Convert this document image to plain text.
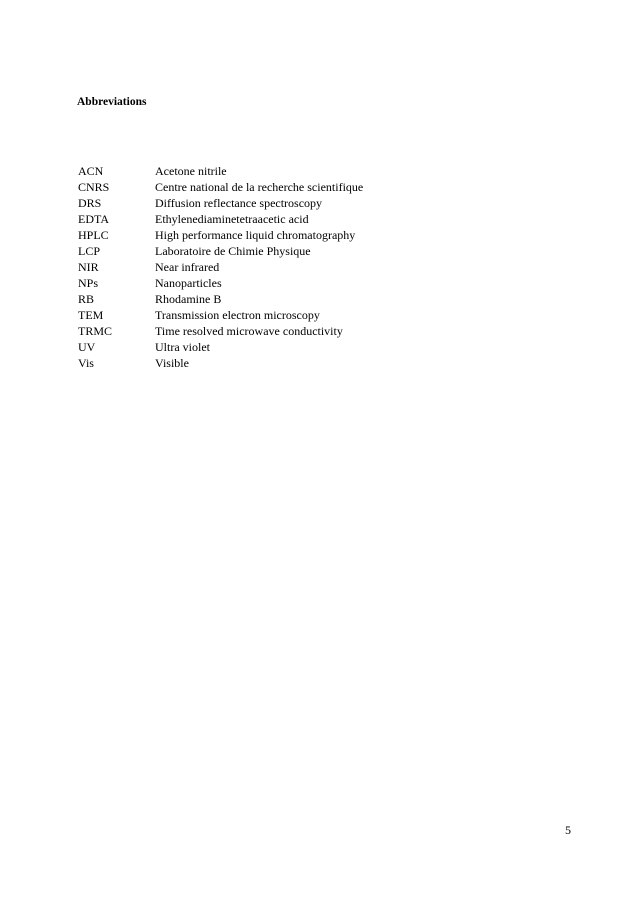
Abbreviations
ACN	Acetone nitrile
CNRS	Centre national de la recherche scientifique
DRS	Diffusion reflectance spectroscopy
EDTA	Ethylenediaminetetraacetic acid
HPLC	High performance liquid chromatography
LCP	Laboratoire de Chimie Physique
NIR	Near infrared
NPs	Nanoparticles
RB	Rhodamine B
TEM	Transmission electron microscopy
TRMC	Time resolved microwave conductivity
UV	Ultra violet
Vis	Visible
5
